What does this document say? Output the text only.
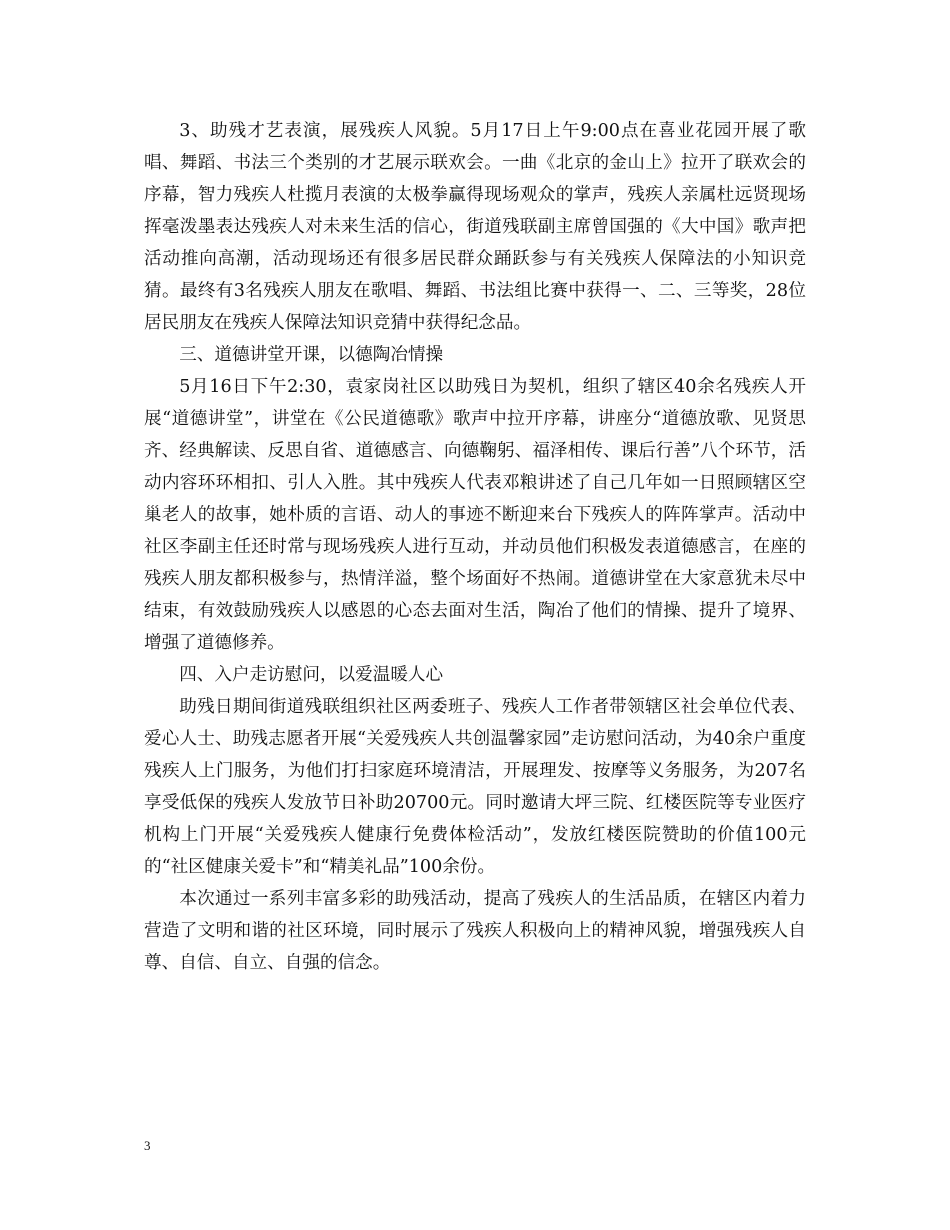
3、助残才艺表演，展残疾人风貌。5月17日上午9:00点在喜业花园开展了歌唱、舞蹈、书法三个类别的才艺展示联欢会。一曲《北京的金山上》拉开了联欢会的序幕，智力残疾人杜揽月表演的太极拳赢得现场观众的掌声，残疾人亲属杜远贤现场挥毫泼墨表达残疾人对未来生活的信心，街道残联副主席曾国强的《大中国》歌声把活动推向高潮，活动现场还有很多居民群众踊跃参与有关残疾人保障法的小知识竞猜。最终有3名残疾人朋友在歌唱、舞蹈、书法组比赛中获得一、二、三等奖，28位居民朋友在残疾人保障法知识竞猜中获得纪念品。

三、道德讲堂开课，以德陶冶情操

5月16日下午2:30，袁家岗社区以助残日为契机，组织了辖区40余名残疾人开展“道德讲堂”，讲堂在《公民道德歌》歌声中拉开序幕，讲座分“道德放歌、见贤思齐、经典解读、反思自省、道德感言、向德鞠躬、福泽相传、课后行善”八个环节，活动内容环环相扣、引人入胜。其中残疾人代表邓粮讲述了自己几年如一日照顾辖区空巢老人的故事，她朴质的言语、动人的事迹不断迎来台下残疾人的阵阵掌声。活动中社区李副主任还时常与现场残疾人进行互动，并动员他们积极发表道德感言，在座的残疾人朋友都积极参与，热情洋溢，整个场面好不热闹。道德讲堂在大家意犹未尽中结束，有效鼓励残疾人以感恩的心态去面对生活，陶冶了他们的情操、提升了境界、增强了道德修养。

四、入户走访慰问，以爱温暖人心

助残日期间街道残联组织社区两委班子、残疾人工作者带领辖区社会单位代表、爱心人士、助残志愿者开展“关爱残疾人共创温馨家园”走访慰问活动，为40余户重度残疾人上门服务，为他们打扫家庭环境清洁，开展理发、按摩等义务服务，为207名享受低保的残疾人发放节日补助20700元。同时邀请大坪三院、红楼医院等专业医疗机构上门开展“关爱残疾人健康行免费体检活动”，发放红楼医院赞助的价值100元的“社区健康关爱卡”和“精美礼品”100余份。

本次通过一系列丰富多彩的助残活动，提高了残疾人的生活品质，在辖区内着力营造了文明和谐的社区环境，同时展示了残疾人积极向上的精神风貌，增强残疾人自尊、自信、自立、自强的信念。

3
